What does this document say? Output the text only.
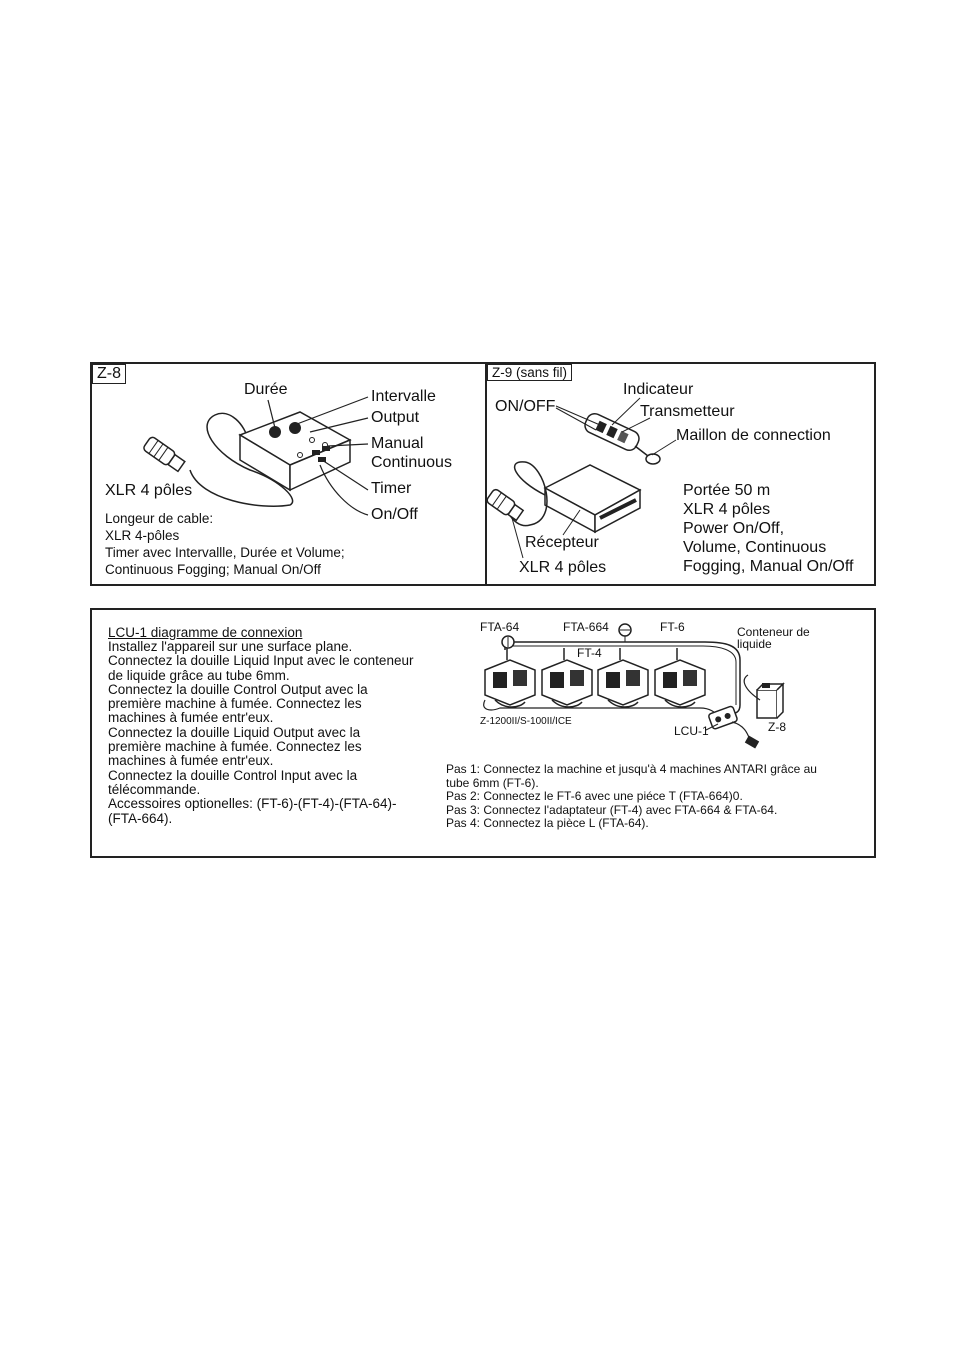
Z-8
Durée	Intervalle
Output
Manual
Continuous
Timer
On/Off
XLR 4 pôles
Longeur de cable:
XLR 4-pôles
Timer avec Intervallle, Durée et Volume;
Continuous Fogging; Manual On/Off
Z-9 (sans fil)
ON/OFF
Indicateur
Transmetteur
Maillon de connection
Récepteur
XLR 4 pôles
Portée 50 m
XLR 4 pôles
Power On/Off,
Volume, Continuous
Fogging, Manual On/Off
LCU-1 diagramme de connexion
Installez l'appareil sur une surface plane.
Connectez la douille Liquid Input avec le conteneur
de liquide grâce au tube 6mm.
Connectez la douille Control Output avec la
première machine à fumée. Connectez les
machines à fumée entr'eux.
Connectez la douille Liquid Output avec la
première machine à fumée. Connectez les
machines à fumée entr'eux.
Connectez la douille Control Input avec la
télécommande.
Accessoires optionelles: (FT-6)-(FT-4)-(FTA-64)-
(FTA-664).
FTA-64	FTA-664	FT-6
FT-4
Conteneur de
liquide
Z-1200II/S-100II/ICE
LCU-1	Z-8
Pas 1: Connectez la machine et jusqu'à 4 machines ANTARI grâce au
tube 6mm (FT-6).
Pas 2: Connectez le FT-6 avec une piéce T (FTA-664)0.
Pas 3: Connectez l'adaptateur (FT-4) avec FTA-664 & FTA-64.
Pas 4: Connectez la pièce L (FTA-64).
